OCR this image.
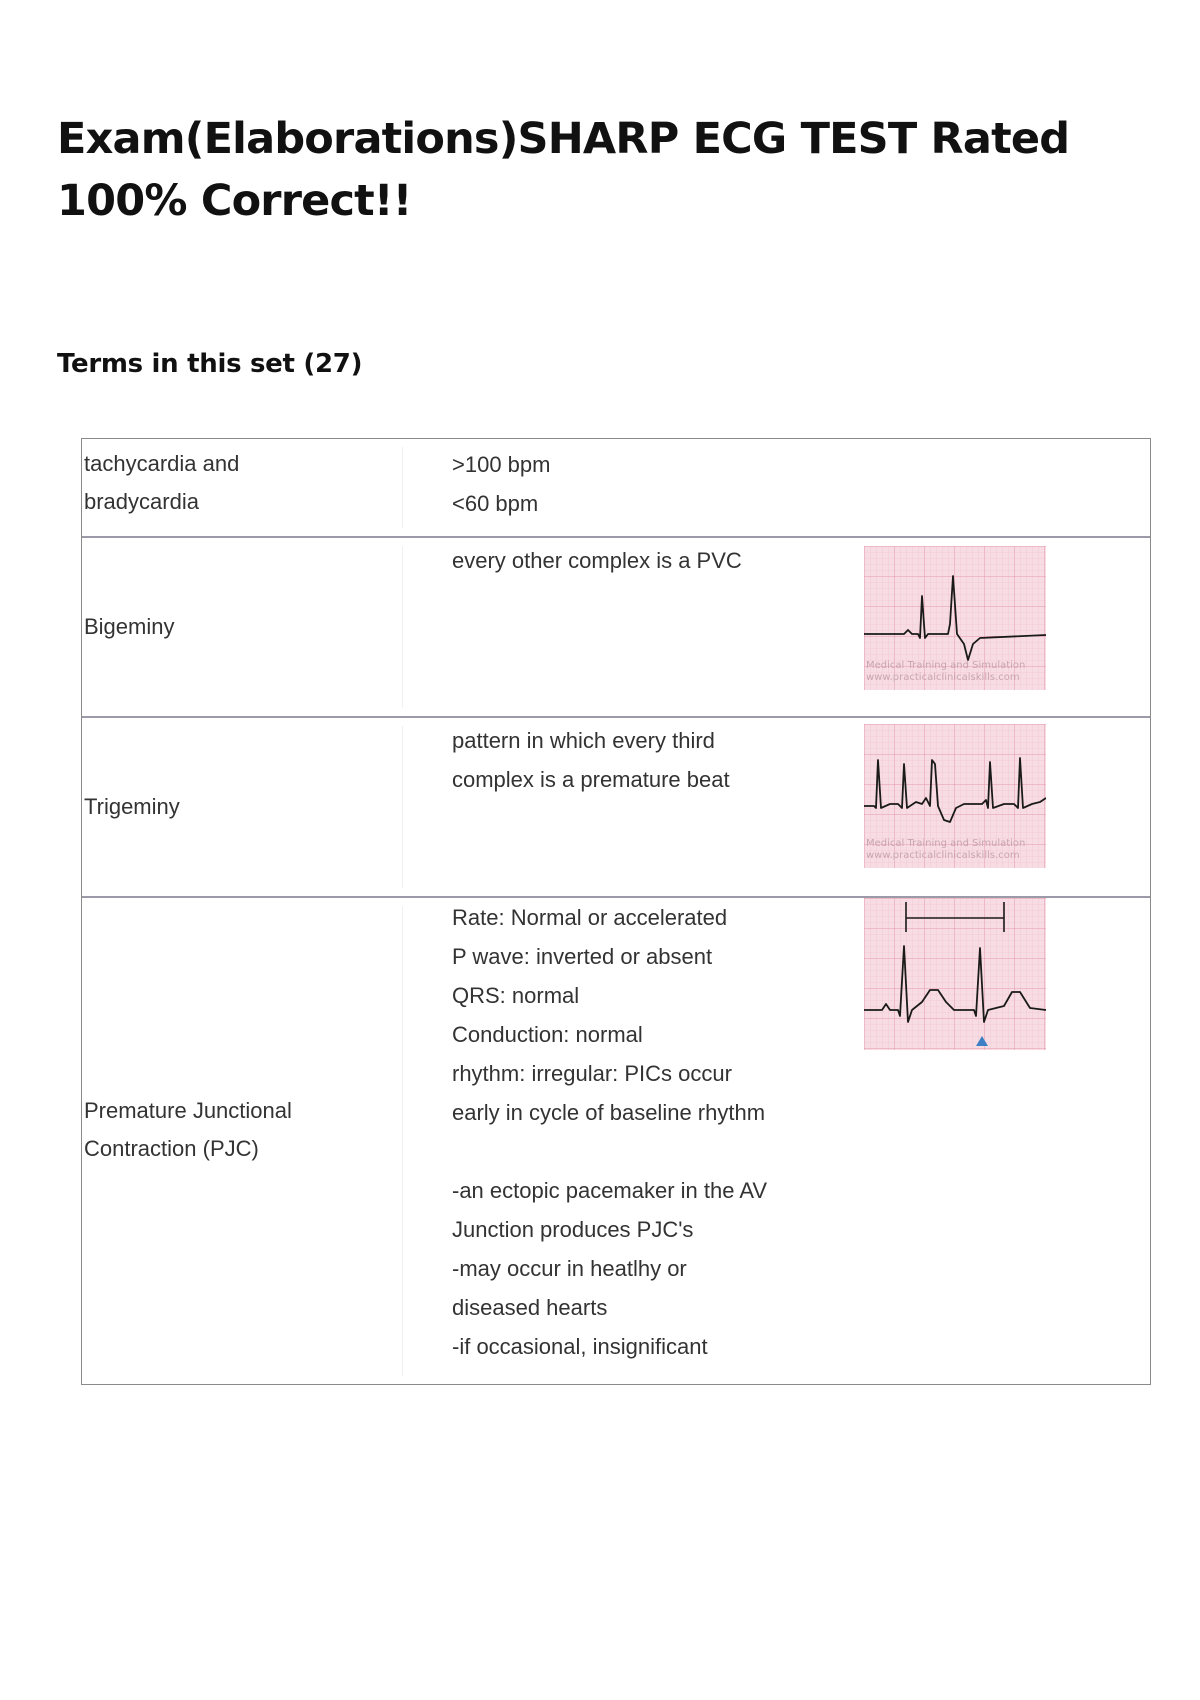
Exam(Elaborations)SHARP ECG TEST Rated 100% Correct!!
Terms in this set (27)
tachycardia and
bradycardia
>100 bpm
<60 bpm
Bigeminy
every other complex is a PVC
Medical Training and Simulation
www.practicalclinicalskills.com
Trigeminy
pattern in which every third
complex is a premature beat
Medical Training and Simulation
www.practicalclinicalskills.com
Premature Junctional
Contraction (PJC)
Rate: Normal or accelerated
P wave: inverted or absent
QRS: normal
Conduction: normal
rhythm: irregular: PICs occur
early in cycle of baseline rhythm
-an ectopic pacemaker in the AV
Junction produces PJC's
-may occur in heatlhy or
diseased hearts
-if occasional, insignificant
